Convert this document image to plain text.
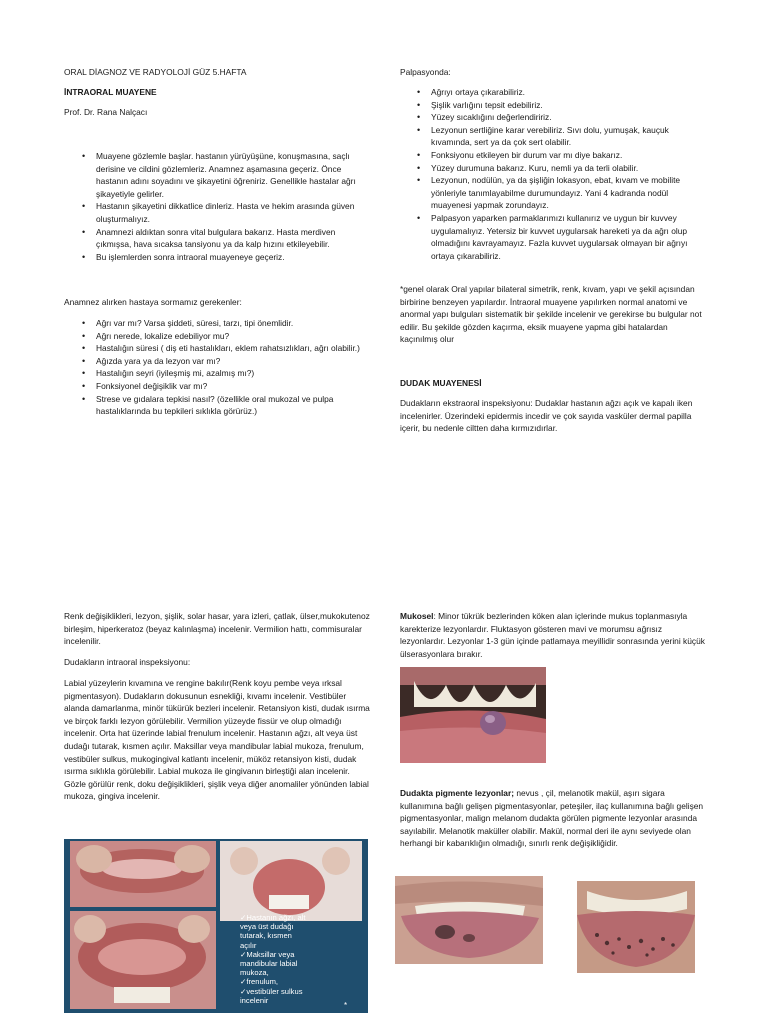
ORAL DİAGNOZ VE RADYOLOJİ GÜZ 5.HAFTA

İNTRAORAL MUAYENE

Prof. Dr. Rana Nalçacı

• Muayene gözlemle başlar. hastanın yürüyüşüne, konuşmasına, saçlı derisine ve cildini gözlemleriz. Anamnez aşamasına geçeriz. Önce hastanın adını soyadını ve şikayetini öğreniriz. Genellikle hastalar ağrı şikayetiyle gelirler.
• Hastanın şikayetini dikkatlice dinleriz. Hasta ve hekim arasında güven oluşturmalıyız.
• Anamnezi aldıktan sonra vital bulgulara bakarız. Hasta merdiven çıkmışsa, hava sıcaksa tansiyonu ya da kalp hızını etkileyebilir.
• Bu işlemlerden sonra intraoral muayeneye geçeriz.

Anamnez alırken hastaya sormamız gerekenler:

• Ağrı var mı? Varsa şiddeti, süresi, tarzı, tipi önemlidir.
• Ağrı nerede, lokalize edebiliyor mu?
• Hastalığın süresi ( diş eti hastalıkları, eklem rahatsızlıkları, ağrı olabilir.)
• Ağızda yara ya da lezyon var mı?
• Hastalığın seyri (iyileşmiş mi, azalmış mı?)
• Fonksiyonel değişiklik var mı?
• Strese ve gıdalara tepkisi nasıl? (özellikle oral mukozal ve pulpa hastalıklarında bu tepkileri sıklıkla görürüz.)

Palpasyonda:

• Ağrıyı ortaya çıkarabiliriz.
• Şişlik varlığını tepsit edebiliriz.
• Yüzey sıcaklığını değerlendiririz.
• Lezyonun sertliğine karar verebiliriz. Sıvı dolu, yumuşak, kauçuk kıvamında, sert ya da çok sert olabilir.
• Fonksiyonu etkileyen bir durum var mı diye bakarız.
• Yüzey durumuna bakarız. Kuru, nemli ya da terli olabilir.
• Lezyonun, nodülün, ya da şişliğin lokasyon, ebat, kıvam ve mobilite yönleriyle tanımlayabilme durumundayız. Yani 4 kadranda nodül muayenesi yapmak zorundayız.
• Palpasyon yaparken parmaklarımızı kullanırız ve uygun bir kuvvey uygulamalıyız. Yetersiz bir kuvvet uygularsak hareketi ya da ağrı olup olmadığını kavrayamayız. Fazla kuvvet uygularsak olmayan bir ağrıyı ortaya çıkarabiliriz.

*genel olarak Oral yapılar bilateral simetrik, renk, kıvam, yapı ve şekil açısından birbirine benzeyen yapılardır. İntraoral muayene yapılırken normal anatomi ve anormal yapı bulguları sistematik bir şekilde incelenir ve gerekirse bu bulgular not edilir. Bu şekilde gözden kaçırma, eksik muayene yapma gibi hatalardan kaçınılmış olur

DUDAK MUAYENESİ

Dudakların ekstraoral inspeksiyonu: Dudaklar hastanın ağzı açık ve kapalı iken incelenirler. Üzerindeki epidermis incedir ve çok sayıda vasküler dermal papilla içerir, bu nedenle ciltten daha kırmızıdırlar.

Renk değişiklikleri, lezyon, şişlik, solar hasar, yara izleri, çatlak, ülser,mukokutenoz birleşim, hiperkeratoz (beyaz kalınlaşma) incelenir. Vermilion hattı, commisuralar incelenilir.

Dudakların intraoral inspeksiyonu:

Labial yüzeylerin kıvamına ve rengine bakılır(Renk koyu pembe veya ırksal pigmentasyon). Dudakların dokusunun esnekliği, kıvamı incelenir. Vestibüler alanda damarlanma, minör tükürük bezleri incelenir. Retansiyon kisti, dudak ısırma ve birçok farklı lezyon görülebilir. Vermilion yüzeyde fissür ve olup olmadığı incelenir. Orta hat üzerinde labial frenulum incelenir. Hastanın ağzı, alt veya üst dudağı tutarak, kısmen açılır. Maksillar veya mandibular labial mukoza, frenulum, vestibüler sulkus, mukogingival katlantı incelenir, müköz retansiyon kisti, dudak ısırma sıklıkla görülebilir. Labial mukoza ile gingivanın birleştiği alan incelenir. Gözle görülür renk, doku değişiklikleri, şişlik veya diğer anomaliler yönünden labial mukoza, gingiva incelenir.

✓Hastanın ağzı, alt
veya üst dudağı
tutarak, kısmen
açılır
✓Maksillar veya
mandibular labial
mukoza,
✓frenulum,
✓vestibüler sulkus
incelenir
*

Mukosel: Minor tükrük bezlerinden köken alan içlerinde mukus toplanmasıyla karekterize lezyonlardır. Fluktasyon gösteren mavi ve morumsu ağrısız lezyonlardır. Lezyonlar 1-3 gün içinde patlamaya meyillidir sonrasında yerini küçük ülserasyonlara bırakır.

Dudakta pigmente lezyonlar; nevus , çil, melanotik makül, aşırı sigara kullanımına bağlı gelişen pigmentasyonlar, peteşiler, ilaç kullanımına bağlı gelişen pigmentasyonlar, malign melanom dudakta görülen pigmente lezyonlar arasında sayılabilir. Melanotik maküller olabilir. Makül, normal deri ile aynı seviyede olan herhangi bir kabarıklığın olmadığı, sınırlı renk değişikliğidir.
